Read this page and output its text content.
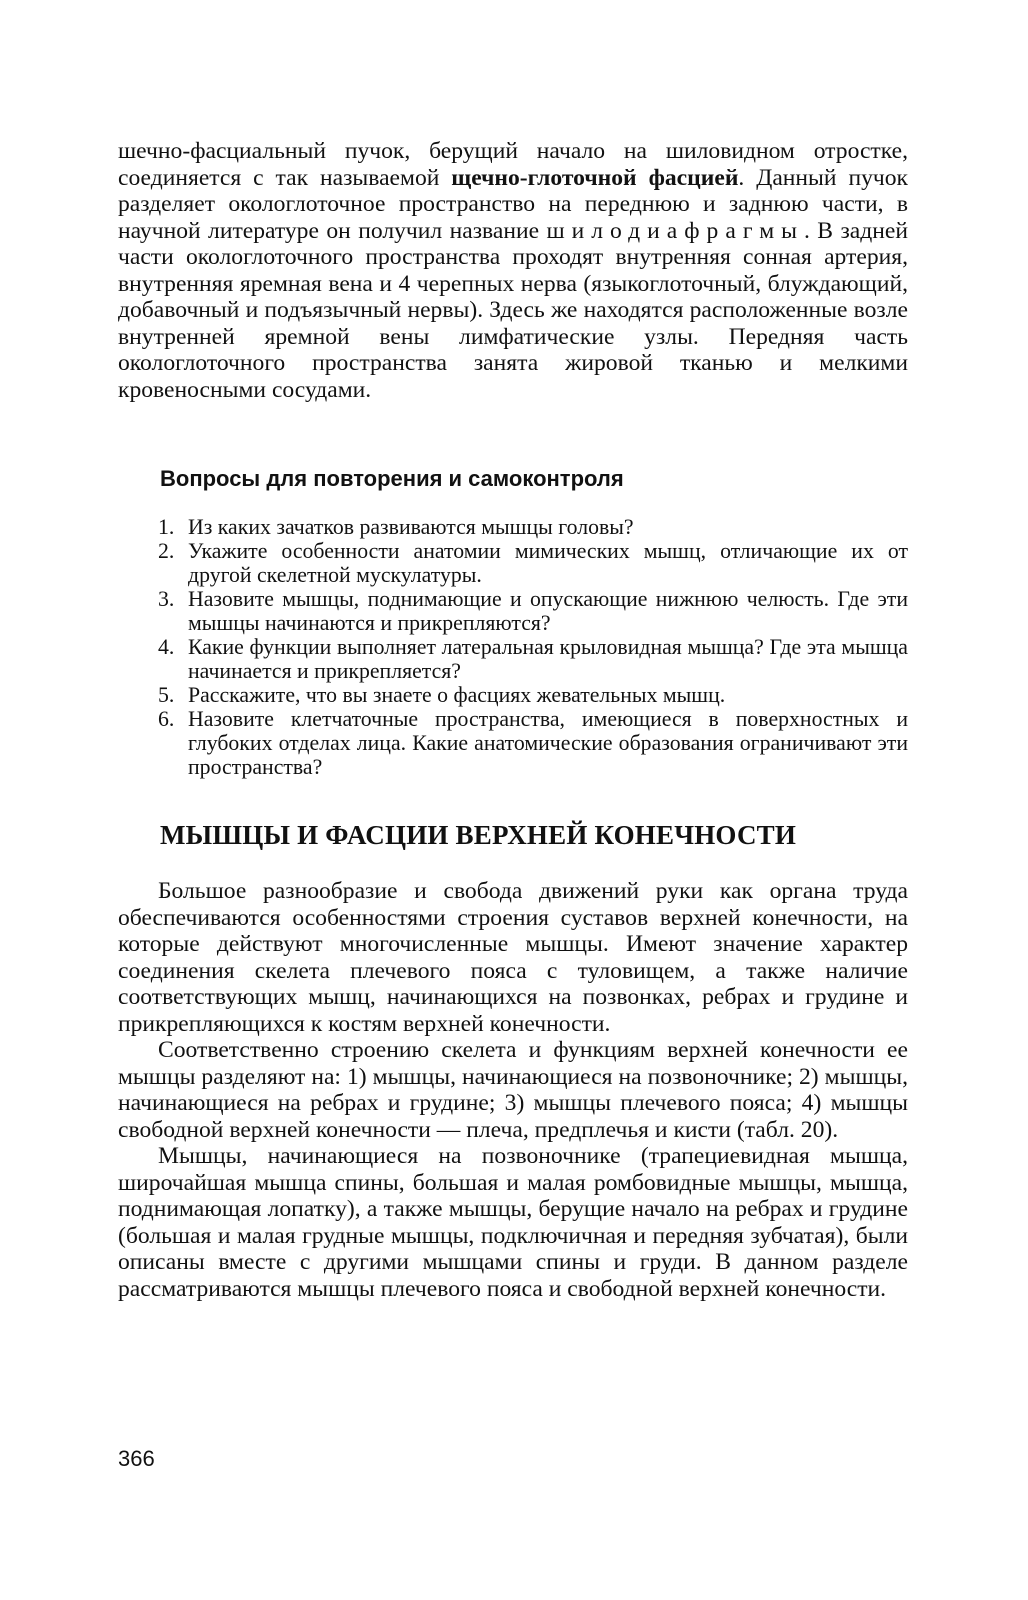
шечно-фасциальный пучок, берущий начало на шиловидном отростке, соединяется с так называемой щечно-глоточной фасцией. Данный пучок разделяет окологлоточное пространство на переднюю и заднюю части, в научной литературе он получил название шилодиафрагмы. В задней части окологлоточного пространства проходят внутренняя сонная артерия, внутренняя яремная вена и 4 черепных нерва (языкоглоточный, блуждающий, добавочный и подъязычный нервы). Здесь же находятся расположенные возле внутренней яремной вены лимфатические узлы. Передняя часть окологлоточного пространства занята жировой тканью и мелкими кровеносными сосудами.

Вопросы для повторения и самоконтроля
1. Из каких зачатков развиваются мышцы головы?
2. Укажите особенности анатомии мимических мышц, отличающие их от другой скелетной мускулатуры.
3. Назовите мышцы, поднимающие и опускающие нижнюю челюсть. Где эти мышцы начинаются и прикрепляются?
4. Какие функции выполняет латеральная крыловидная мышца? Где эта мышца начинается и прикрепляется?
5. Расскажите, что вы знаете о фасциях жевательных мышц.
6. Назовите клетчаточные пространства, имеющиеся в поверхностных и глубоких отделах лица. Какие анатомические образования ограничивают эти пространства?
МЫШЦЫ И ФАСЦИИ ВЕРХНЕЙ КОНЕЧНОСТИ

Большое разнообразие и свобода движений руки как органа труда обеспечиваются особенностями строения суставов верхней конечности, на которые действуют многочисленные мышцы. Имеют значение характер соединения скелета плечевого пояса с туловищем, а также наличие соответствующих мышц, начинающихся на позвонках, ребрах и грудине и прикрепляющихся к костям верхней конечности.

Соответственно строению скелета и функциям верхней конечности ее мышцы разделяют на: 1) мышцы, начинающиеся на позвоночнике; 2) мышцы, начинающиеся на ребрах и грудине; 3) мышцы плечевого пояса; 4) мышцы свободной верхней конечности — плеча, предплечья и кисти (табл. 20).

Мышцы, начинающиеся на позвоночнике (трапециевидная мышца, широчайшая мышца спины, большая и малая ромбовидные мышцы, мышца, поднимающая лопатку), а также мышцы, берущие начало на ребрах и грудине (большая и малая грудные мышцы, подключичная и передняя зубчатая), были описаны вместе с другими мышцами спины и груди. В данном разделе рассматриваются мышцы плечевого пояса и свободной верхней конечности.

366
